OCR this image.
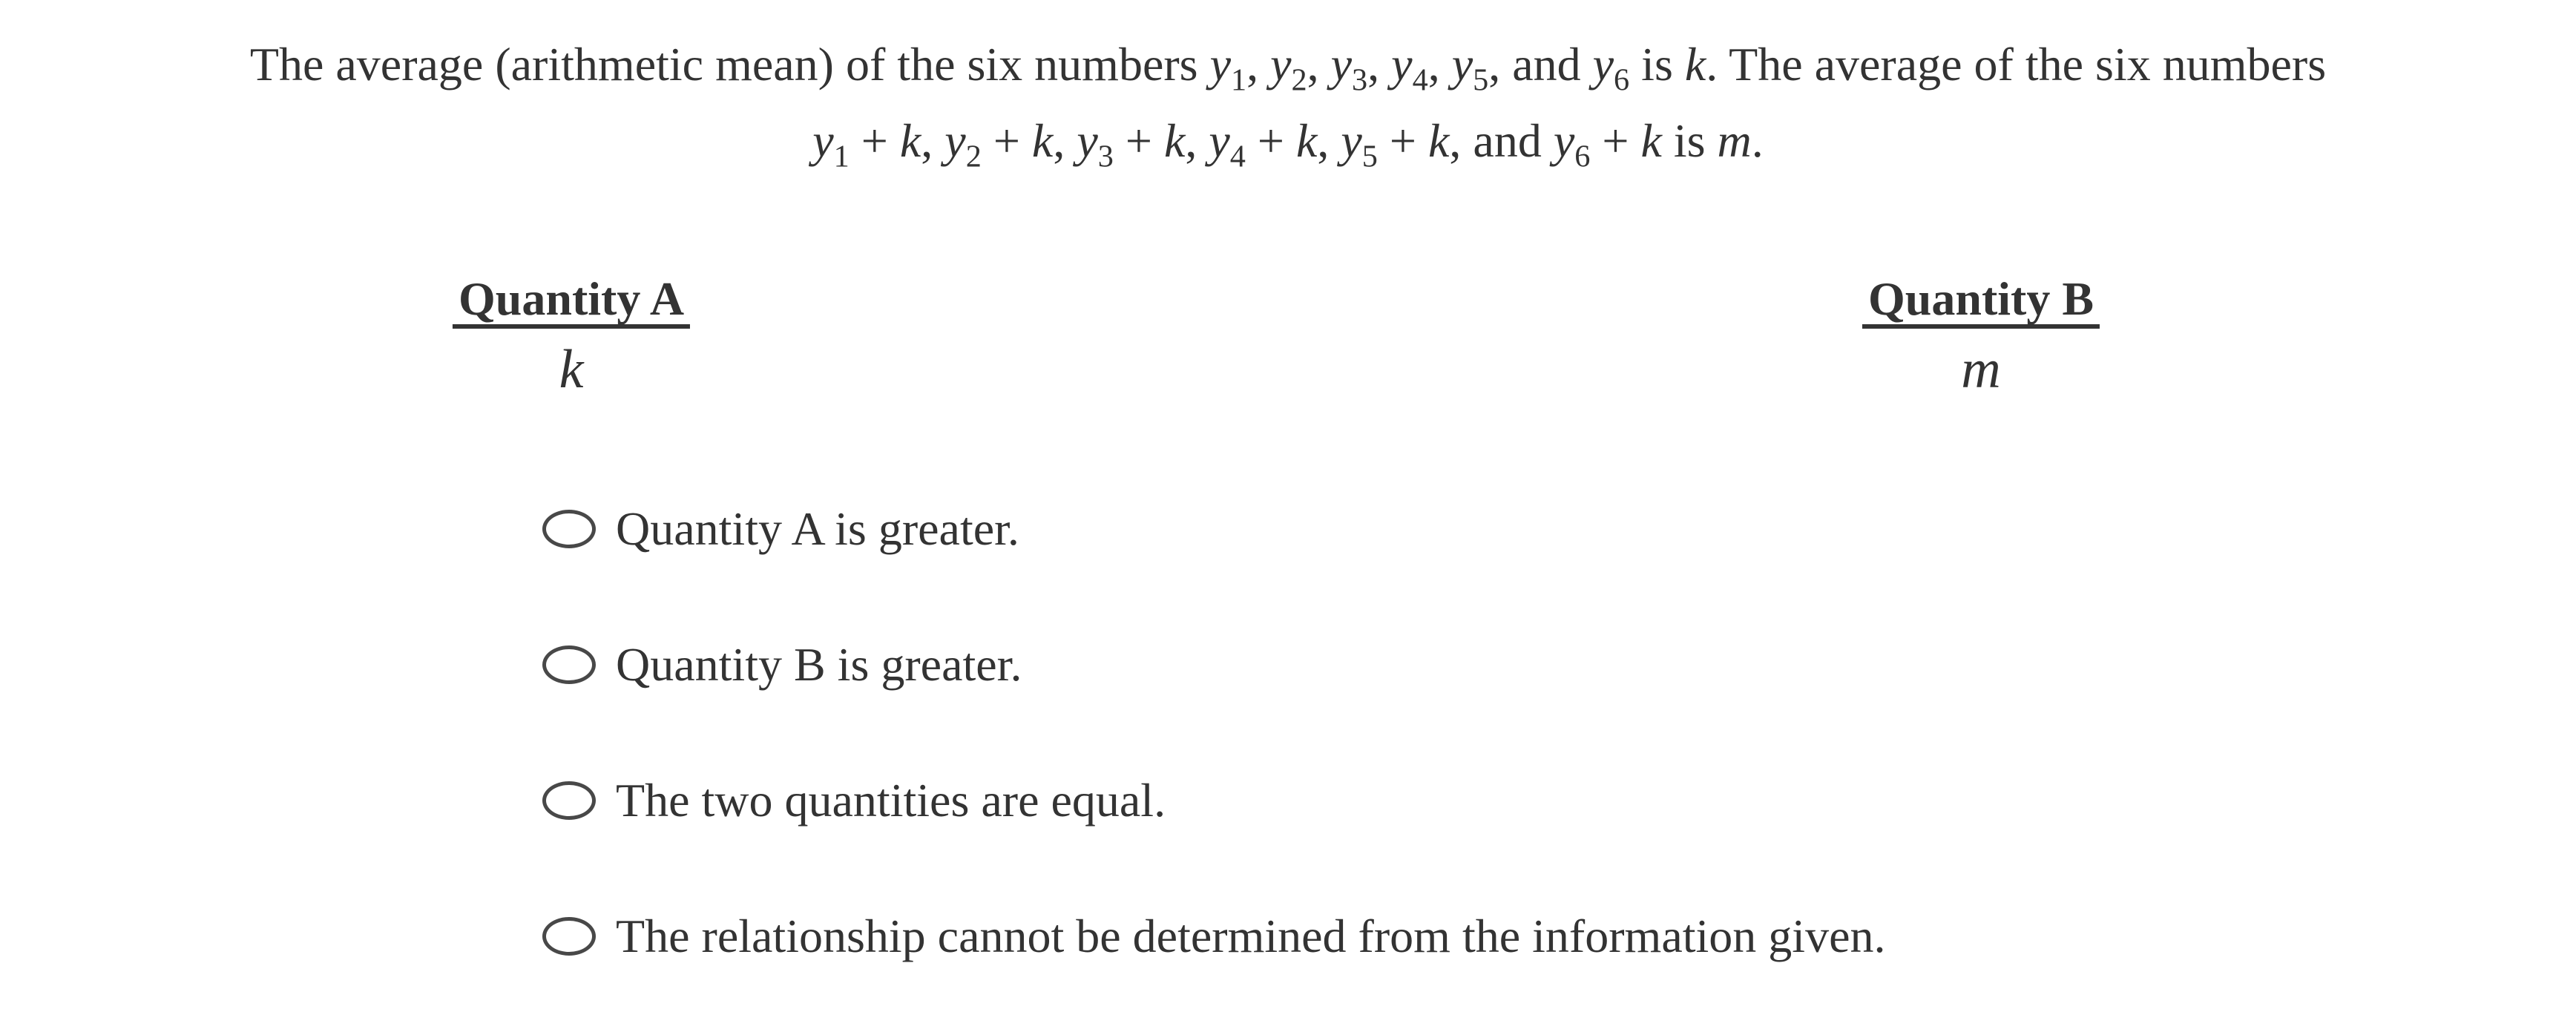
The average (arithmetic mean) of the six numbers $y_1$, $y_2$, $y_3$, $y_4$, $y_5$, and $y_6$ is k. The average of the six numbers
$y_1 + k$, $y_2 + k$, $y_3 + k$, $y_4 + k$, $y_5 + k$, and $y_6 + k$ is m.
Quantity A
k
Quantity B
m
Quantity A is greater.
Quantity B is greater.
The two quantities are equal.
The relationship cannot be determined from the information given.
